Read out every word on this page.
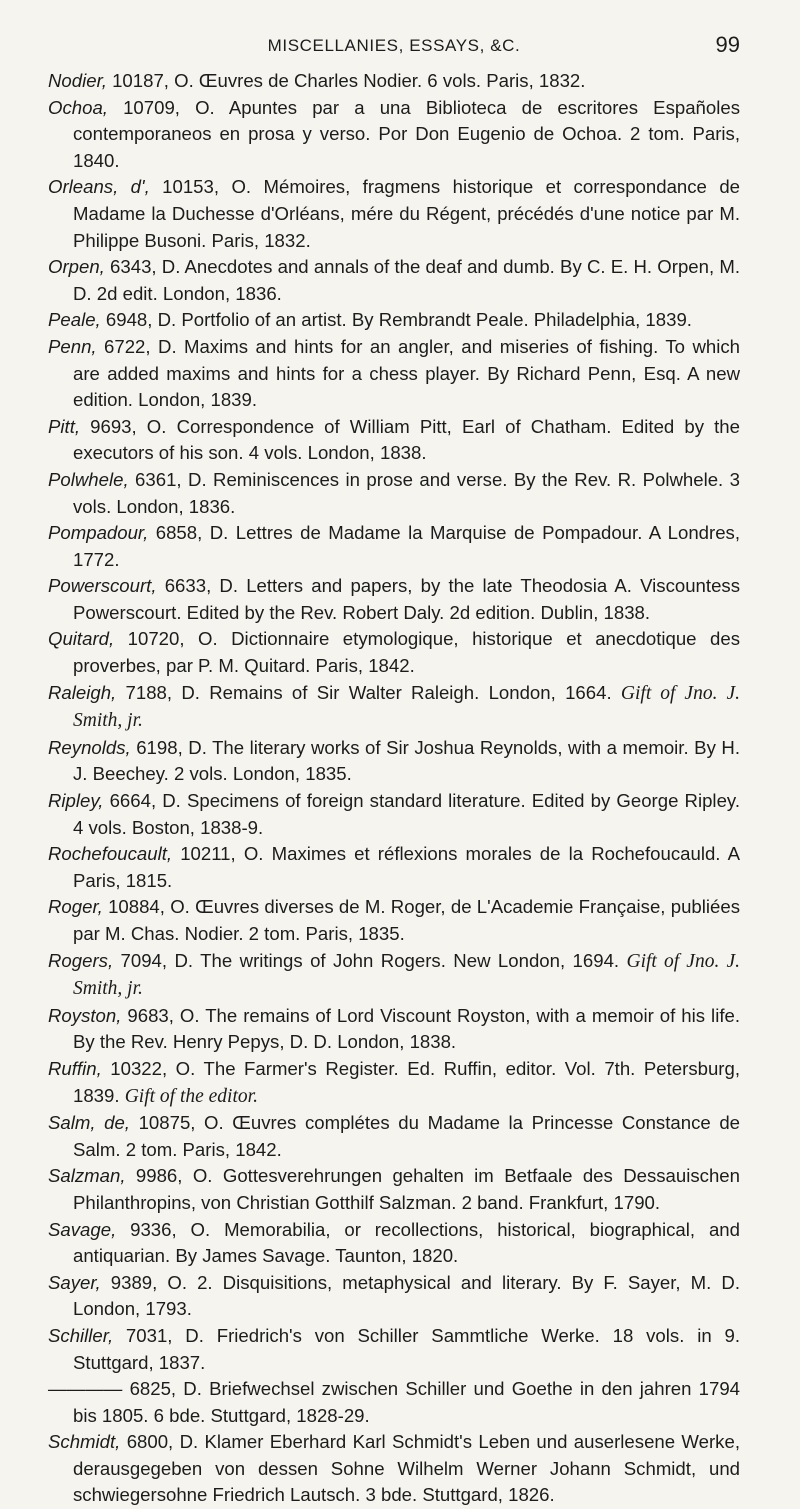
MISCELLANIES, ESSAYS, &C.	99

Nodier, 10187, O. Œuvres de Charles Nodier. 6 vols. Paris, 1832.

Ochoa, 10709, O. Apuntes par a una Biblioteca de escritores Españoles contemporaneos en prosa y verso. Por Don Eugenio de Ochoa. 2 tom. Paris, 1840.

Orleans, d', 10153, O. Mémoires, fragmens historique et correspondance de Madame la Duchesse d'Orléans, mére du Régent, précédés d'une notice par M. Philippe Busoni. Paris, 1832.

Orpen, 6343, D. Anecdotes and annals of the deaf and dumb. By C. E. H. Orpen, M. D. 2d edit. London, 1836.

Peale, 6948, D. Portfolio of an artist. By Rembrandt Peale. Philadelphia, 1839.

Penn, 6722, D. Maxims and hints for an angler, and miseries of fishing. To which are added maxims and hints for a chess player. By Richard Penn, Esq. A new edition. London, 1839.

Pitt, 9693, O. Correspondence of William Pitt, Earl of Chatham. Edited by the executors of his son. 4 vols. London, 1838.

Polwhele, 6361, D. Reminiscences in prose and verse. By the Rev. R. Polwhele. 3 vols. London, 1836.

Pompadour, 6858, D. Lettres de Madame la Marquise de Pompadour. A Londres, 1772.

Powerscourt, 6633, D. Letters and papers, by the late Theodosia A. Viscountess Powerscourt. Edited by the Rev. Robert Daly. 2d edition. Dublin, 1838.

Quitard, 10720, O. Dictionnaire etymologique, historique et anecdotique des proverbes, par P. M. Quitard. Paris, 1842.

Raleigh, 7188, D. Remains of Sir Walter Raleigh. London, 1664. Gift of Jno. J. Smith, jr.

Reynolds, 6198, D. The literary works of Sir Joshua Reynolds, with a memoir. By H. J. Beechey. 2 vols. London, 1835.

Ripley, 6664, D. Specimens of foreign standard literature. Edited by George Ripley. 4 vols. Boston, 1838-9.

Rochefoucault, 10211, O. Maximes et réflexions morales de la Rochefoucauld. A Paris, 1815.

Roger, 10884, O. Œuvres diverses de M. Roger, de L'Academie Française, publiées par M. Chas. Nodier. 2 tom. Paris, 1835.

Rogers, 7094, D. The writings of John Rogers. New London, 1694. Gift of Jno. J. Smith, jr.

Royston, 9683, O. The remains of Lord Viscount Royston, with a memoir of his life. By the Rev. Henry Pepys, D. D. London, 1838.

Ruffin, 10322, O. The Farmer's Register. Ed. Ruffin, editor. Vol. 7th. Petersburg, 1839. Gift of the editor.

Salm, de, 10875, O. Œuvres complétes du Madame la Princesse Constance de Salm. 2 tom. Paris, 1842.

Salzman, 9986, O. Gottesverehrungen gehalten im Betfaale des Dessauischen Philanthropins, von Christian Gotthilf Salzman. 2 band. Frankfurt, 1790.

Savage, 9336, O. Memorabilia, or recollections, historical, biographical, and antiquarian. By James Savage. Taunton, 1820.

Sayer, 9389, O. 2. Disquisitions, metaphysical and literary. By F. Sayer, M. D. London, 1793.

Schiller, 7031, D. Friedrich's von Schiller Sammtliche Werke. 18 vols. in 9. Stuttgard, 1837.

———— 6825, D. Briefwechsel zwischen Schiller und Goethe in den jahren 1794 bis 1805. 6 bde. Stuttgard, 1828-29.

Schmidt, 6800, D. Klamer Eberhard Karl Schmidt's Leben und auserlesene Werke, derausgegeben von dessen Sohne Wilhelm Werner Johann Schmidt, und schwiegersohne Friedrich Lautsch. 3 bde. Stuttgard, 1826.
